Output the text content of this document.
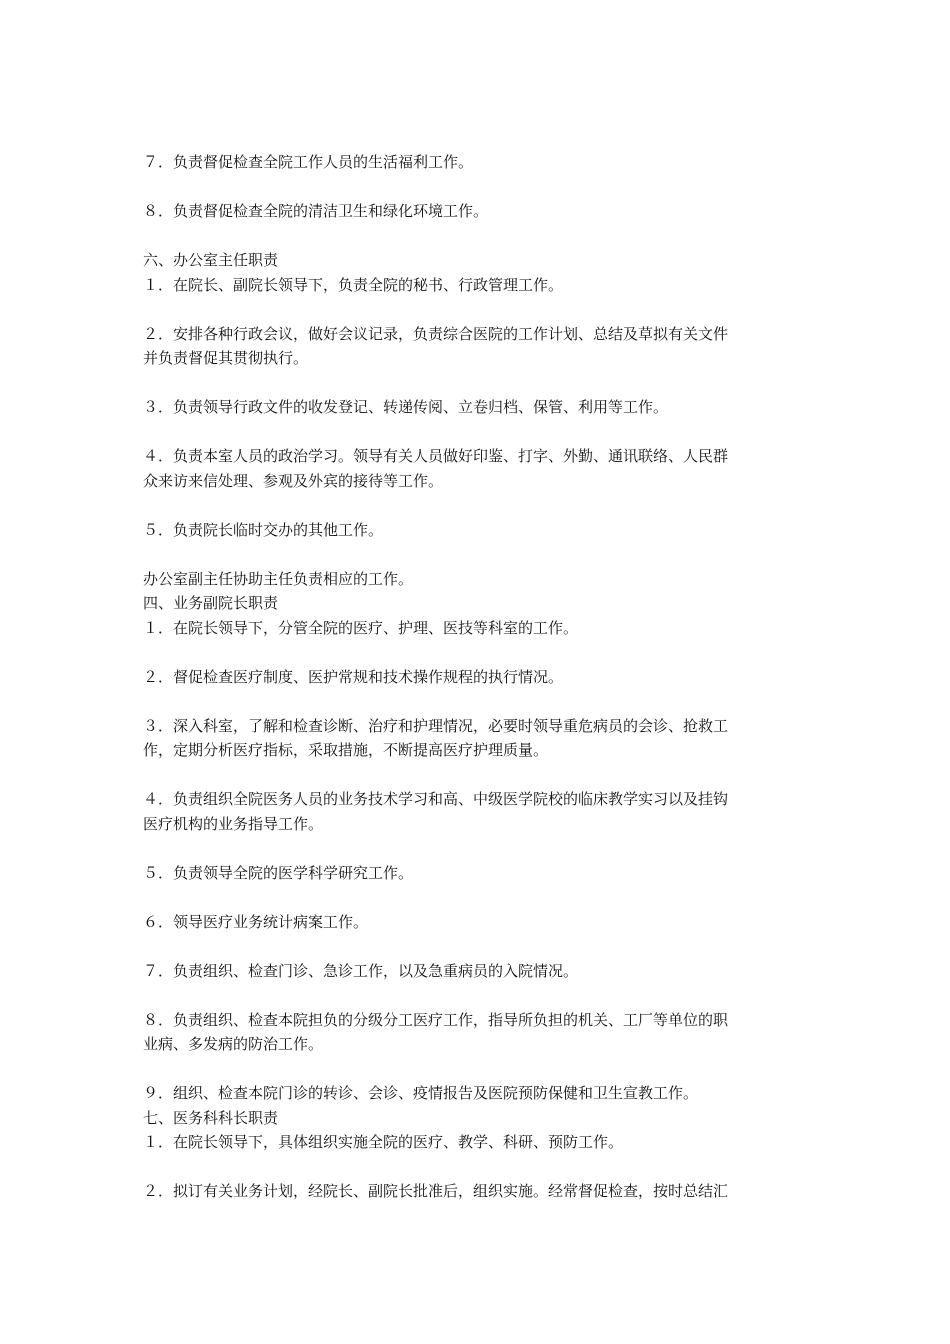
７．负责督促检查全院工作人员的生活福利工作。
８．负责督促检查全院的清洁卫生和绿化环境工作。
六、办公室主任职责
１．在院长、副院长领导下，负责全院的秘书、行政管理工作。
２．安排各种行政会议，做好会议记录，负责综合医院的工作计划、总结及草拟有关文件
并负责督促其贯彻执行。
３．负责领导行政文件的收发登记、转递传阅、立卷归档、保管、利用等工作。
４．负责本室人员的政治学习。领导有关人员做好印鉴、打字、外勤、通讯联络、人民群
众来访来信处理、参观及外宾的接待等工作。
５．负责院长临时交办的其他工作。
办公室副主任协助主任负责相应的工作。
四、业务副院长职责
１．在院长领导下，分管全院的医疗、护理、医技等科室的工作。
２．督促检查医疗制度、医护常规和技术操作规程的执行情况。
３．深入科室，了解和检查诊断、治疗和护理情况，必要时领导重危病员的会诊、抢救工
作，定期分析医疗指标，采取措施，不断提高医疗护理质量。
４．负责组织全院医务人员的业务技术学习和高、中级医学院校的临床教学实习以及挂钩
医疗机构的业务指导工作。
５．负责领导全院的医学科学研究工作。
６．领导医疗业务统计病案工作。
７．负责组织、检查门诊、急诊工作，以及急重病员的入院情况。
８．负责组织、检查本院担负的分级分工医疗工作，指导所负担的机关、工厂等单位的职
业病、多发病的防治工作。
９．组织、检查本院门诊的转诊、会诊、疫情报告及医院预防保健和卫生宣教工作。
七、医务科科长职责
１．在院长领导下，具体组织实施全院的医疗、教学、科研、预防工作。
２．拟订有关业务计划，经院长、副院长批准后，组织实施。经常督促检查，按时总结汇
